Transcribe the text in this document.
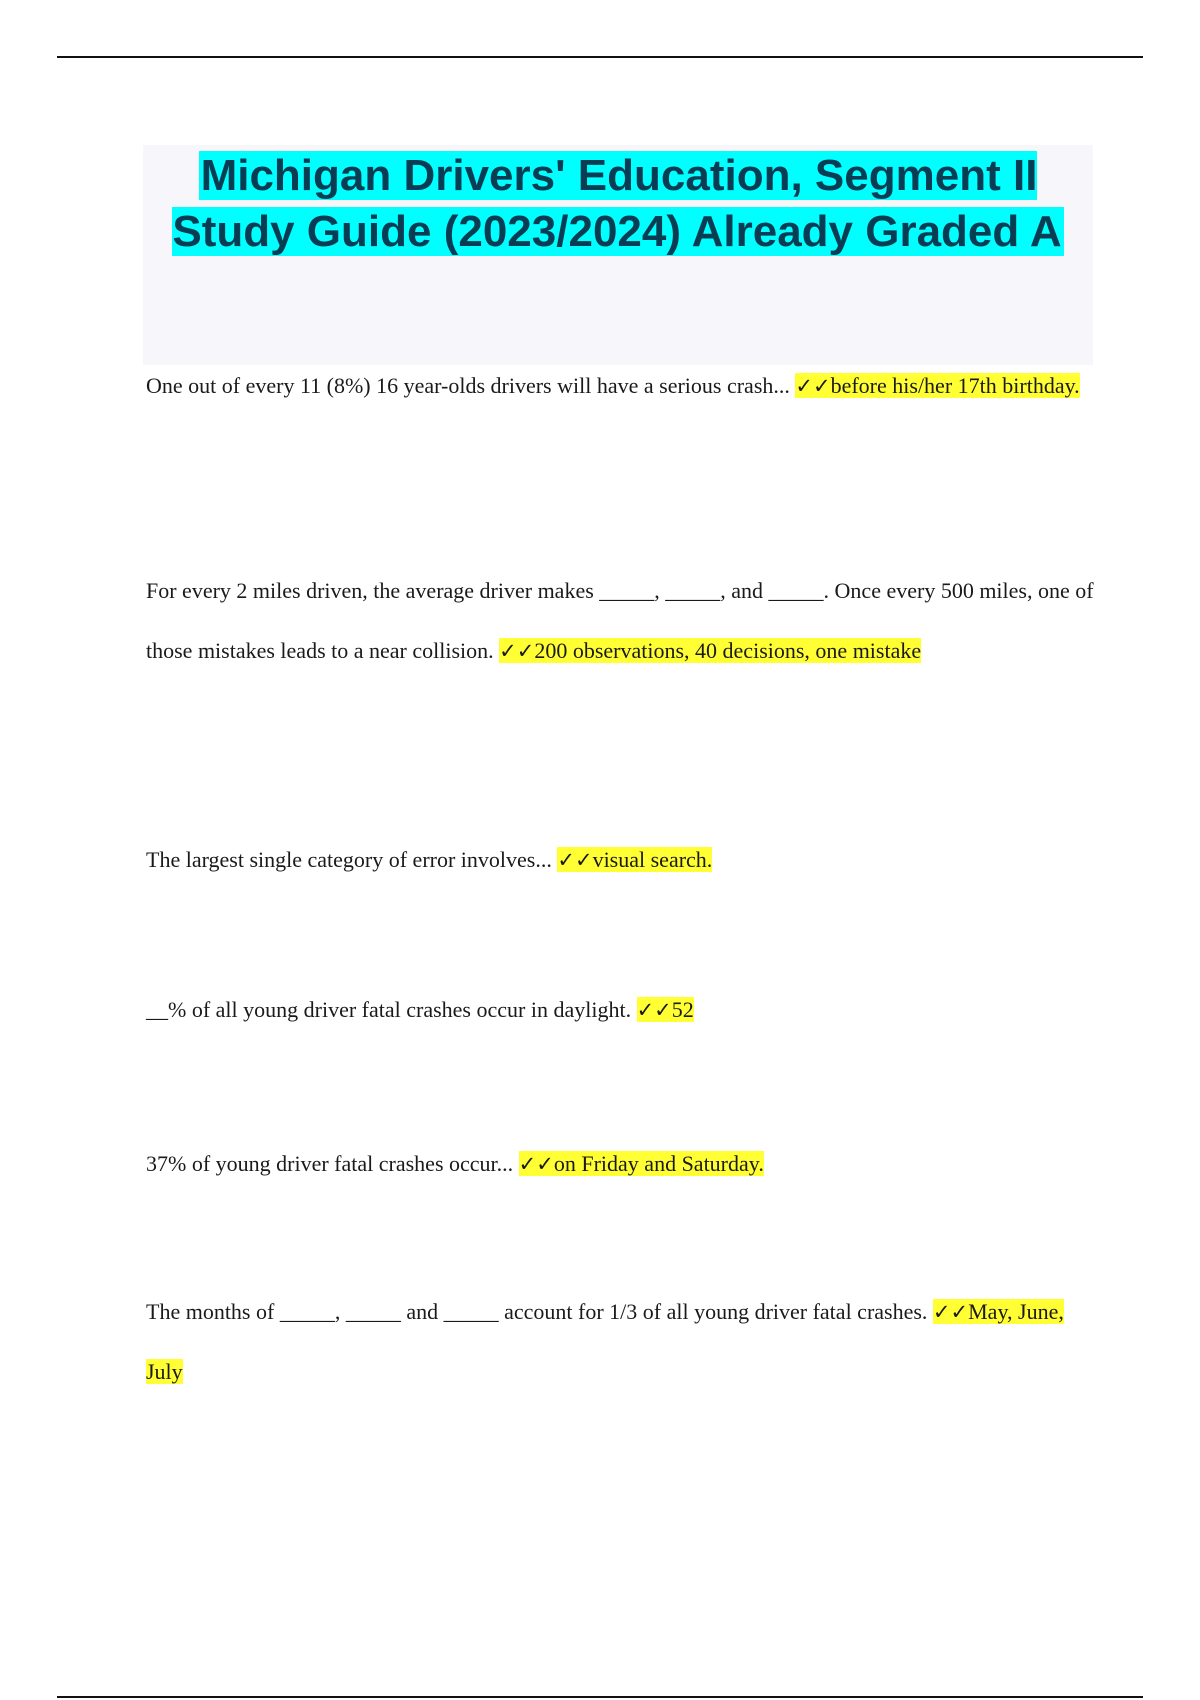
Michigan Drivers' Education, Segment II Study Guide (2023/2024) Already Graded A

One out of every 11 (8%) 16 year-olds drivers will have a serious crash... ✓✓before his/her 17th birthday.

For every 2 miles driven, the average driver makes _____, _____, and _____. Once every 500 miles, one of those mistakes leads to a near collision. ✓✓200 observations, 40 decisions, one mistake

The largest single category of error involves... ✓✓visual search.

__% of all young driver fatal crashes occur in daylight. ✓✓52

37% of young driver fatal crashes occur... ✓✓on Friday and Saturday.

The months of _____, _____ and _____ account for 1/3 of all young driver fatal crashes. ✓✓May, June, July
